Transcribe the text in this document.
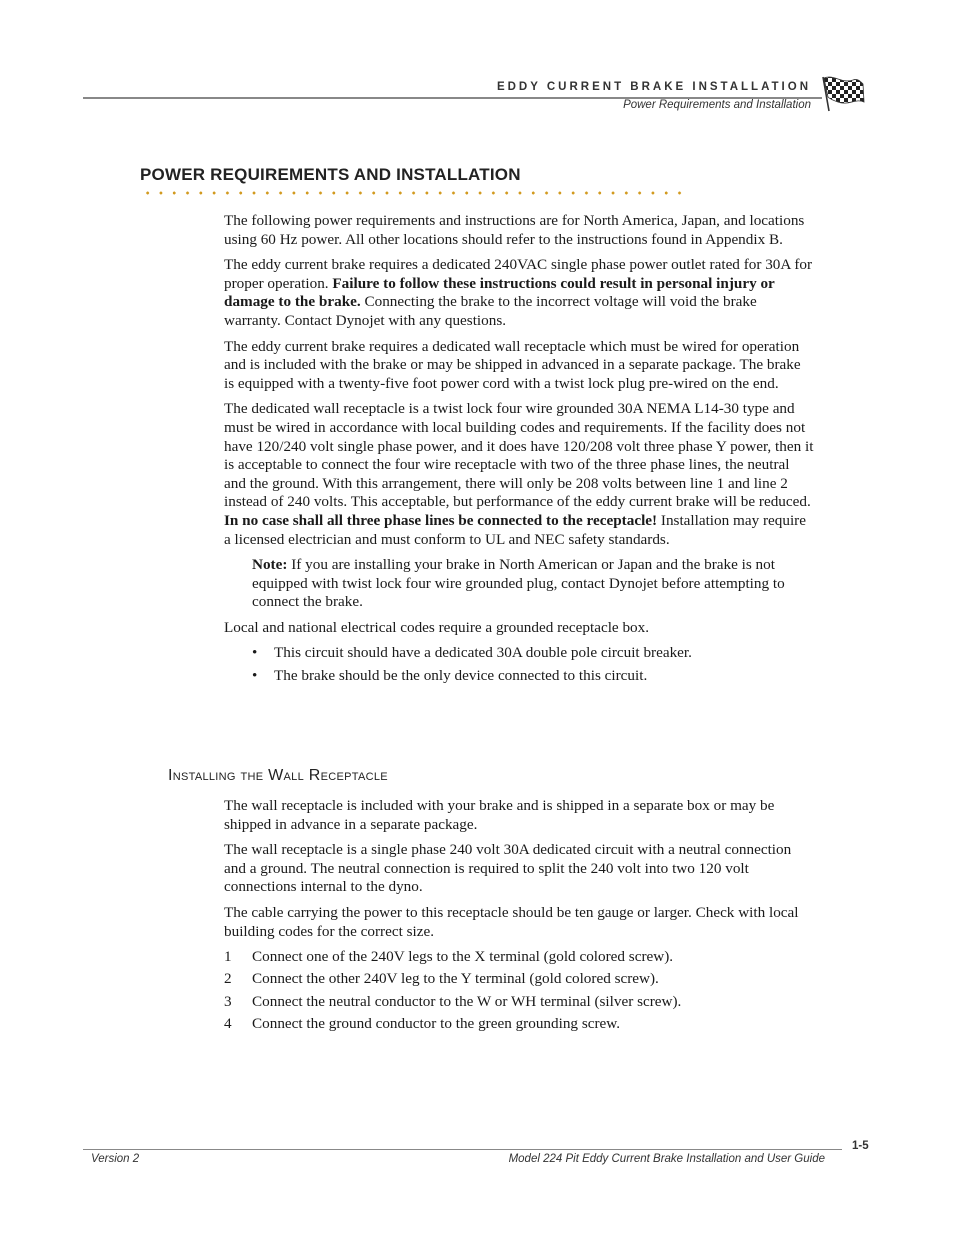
EDDY CURRENT BRAKE INSTALLATION
Power Requirements and Installation
POWER REQUIREMENTS AND INSTALLATION

The following power requirements and instructions are for North America, Japan, and locations using 60 Hz power. All other locations should refer to the instructions found in Appendix B.

The eddy current brake requires a dedicated 240VAC single phase power outlet rated for 30A for proper operation. Failure to follow these instructions could result in personal injury or damage to the brake. Connecting the brake to the incorrect voltage will void the brake warranty. Contact Dynojet with any questions.

The eddy current brake requires a dedicated wall receptacle which must be wired for operation and is included with the brake or may be shipped in advanced in a separate package. The brake is equipped with a twenty-five foot power cord with a twist lock plug pre-wired on the end.

The dedicated wall receptacle is a twist lock four wire grounded 30A NEMA L14-30 type and must be wired in accordance with local building codes and requirements. If the facility does not have 120/240 volt single phase power, and it does have 120/208 volt three phase Y power, then it is acceptable to connect the four wire receptacle with two of the three phase lines, the neutral and the ground. With this arrangement, there will only be 208 volts between line 1 and line 2 instead of 240 volts. This acceptable, but performance of the eddy current brake will be reduced. In no case shall all three phase lines be connected to the receptacle! Installation may require a licensed electrician and must conform to UL and NEC safety standards.

Note: If you are installing your brake in North American or Japan and the brake is not equipped with twist lock four wire grounded plug, contact Dynojet before attempting to connect the brake.

Local and national electrical codes require a grounded receptacle box.

• This circuit should have a dedicated 30A double pole circuit breaker.
• The brake should be the only device connected to this circuit.
Installing the Wall Receptacle

The wall receptacle is included with your brake and is shipped in a separate box or may be shipped in advance in a separate package.

The wall receptacle is a single phase 240 volt 30A dedicated circuit with a neutral connection and a ground. The neutral connection is required to split the 240 volt into two 120 volt connections internal to the dyno.

The cable carrying the power to this receptacle should be ten gauge or larger. Check with local building codes for the correct size.

1 Connect one of the 240V legs to the X terminal (gold colored screw).
2 Connect the other 240V leg to the Y terminal (gold colored screw).
3 Connect the neutral conductor to the W or WH terminal (silver screw).
4 Connect the ground conductor to the green grounding screw.
1-5
Version 2	Model 224 Pit Eddy Current Brake Installation and User Guide
